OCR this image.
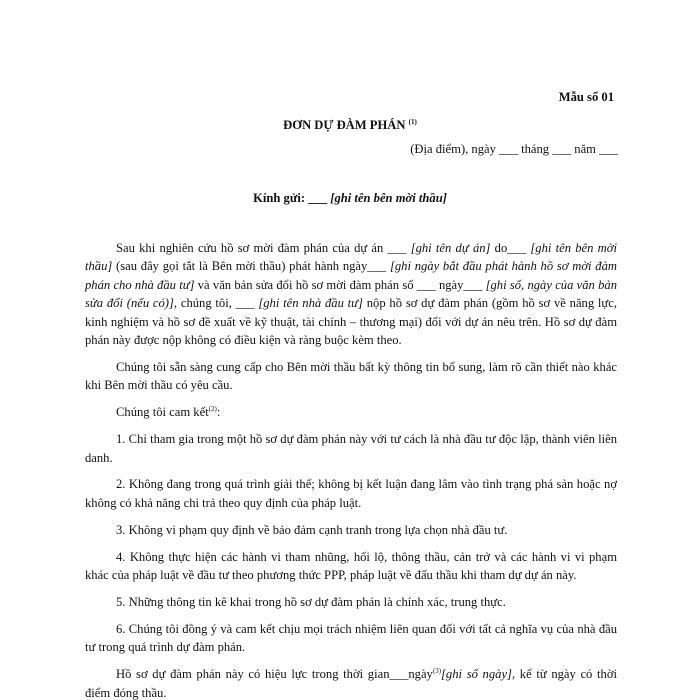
Mẫu số 01
ĐƠN DỰ ĐÀM PHÁN $^{(1)}$
(Địa điểm), ngày ___ tháng ___ năm ___
Kính gửi: ___ [ghi tên bên mời thầu]

Sau khi nghiên cứu hồ sơ mời đàm phán của dự án ___ [ghi tên dự án] do___ [ghi tên bên mời thầu] (sau đây gọi tắt là Bên mời thầu) phát hành ngày___ [ghi ngày bắt đầu phát hành hồ sơ mời đàm phán cho nhà đầu tư] và văn bản sửa đổi hồ sơ mời đàm phán số ___ ngày___ [ghi số, ngày của văn bản sửa đổi (nếu có)], chúng tôi, ___ [ghi tên nhà đầu tư] nộp hồ sơ dự đàm phán (gồm hồ sơ về năng lực, kinh nghiệm và hồ sơ đề xuất về kỹ thuật, tài chính – thương mại) đối với dự án nêu trên. Hồ sơ dự đàm phán này được nộp không có điều kiện và ràng buộc kèm theo.

Chúng tôi sẵn sàng cung cấp cho Bên mời thầu bất kỳ thông tin bổ sung, làm rõ cần thiết nào khác khi Bên mời thầu có yêu cầu.

Chúng tôi cam kết$^{(2)}$:

1. Chỉ tham gia trong một hồ sơ dự đàm phán này với tư cách là nhà đầu tư độc lập, thành viên liên danh.

2. Không đang trong quá trình giải thể; không bị kết luận đang lâm vào tình trạng phá sản hoặc nợ không có khả năng chi trả theo quy định của pháp luật.

3. Không vi phạm quy định về bảo đảm cạnh tranh trong lựa chọn nhà đầu tư.

4. Không thực hiện các hành vi tham nhũng, hối lộ, thông thầu, cản trở và các hành vi vi phạm khác của pháp luật về đầu tư theo phương thức PPP, pháp luật về đấu thầu khi tham dự dự án này.

5. Những thông tin kê khai trong hồ sơ dự đàm phán là chính xác, trung thực.

6. Chúng tôi đồng ý và cam kết chịu mọi trách nhiệm liên quan đối với tất cả nghĩa vụ của nhà đầu tư trong quá trình dự đàm phán.

Hồ sơ dự đàm phán này có hiệu lực trong thời gian___ngày$^{(3)}$[ghi số ngày], kể từ ngày có thời điểm đóng thầu.
